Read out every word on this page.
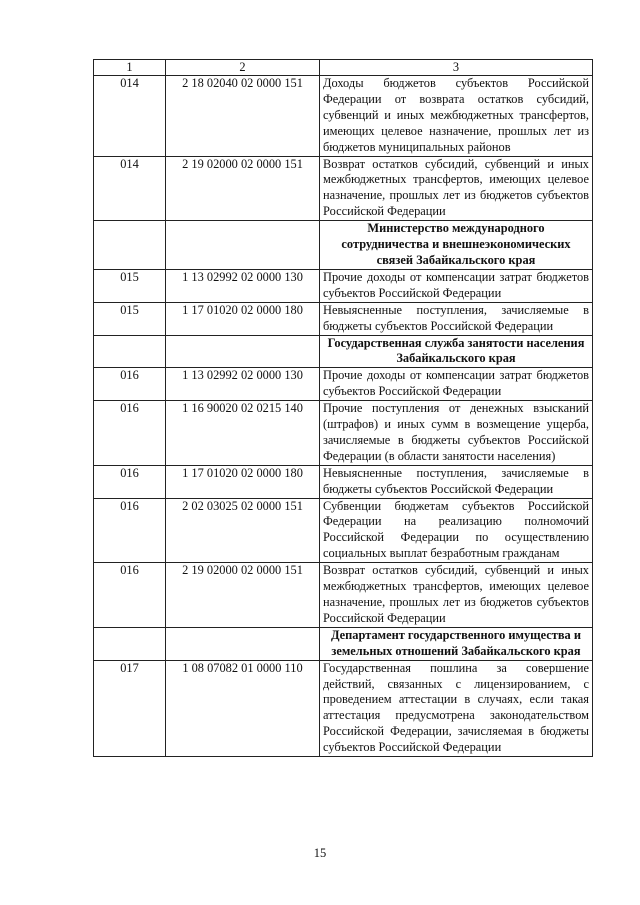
1	2	3
014	2 18 02040 02 0000 151	Доходы бюджетов субъектов Российской Федерации от возврата остатков субсидий, субвенций и иных межбюджетных трансфертов, имеющих целевое назначение, прошлых лет из бюджетов муниципальных районов
014	2 19 02000 02 0000 151	Возврат остатков субсидий, субвенций и иных межбюджетных трансфертов, имеющих целевое назначение, прошлых лет из бюджетов субъектов Российской Федерации
		Министерство международного сотрудничества и внешнеэкономических связей Забайкальского края
015	1 13 02992 02 0000 130	Прочие доходы от компенсации затрат бюджетов субъектов Российской Федерации
015	1 17 01020 02 0000 180	Невыясненные поступления, зачисляемые в бюджеты субъектов Российской Федерации
		Государственная служба занятости населения Забайкальского края
016	1 13 02992 02 0000 130	Прочие доходы от компенсации затрат бюджетов субъектов Российской Федерации
016	1 16 90020 02 0215 140	Прочие поступления от денежных взысканий (штрафов) и иных сумм в возмещение ущерба, зачисляемые в бюджеты субъектов Российской Федерации (в области занятости населения)
016	1 17 01020 02 0000 180	Невыясненные поступления, зачисляемые в бюджеты субъектов Российской Федерации
016	2 02 03025 02 0000 151	Субвенции бюджетам субъектов Российской Федерации на реализацию полномочий Российской Федерации по осуществлению социальных выплат безработным гражданам
016	2 19 02000 02 0000 151	Возврат остатков субсидий, субвенций и иных межбюджетных трансфертов, имеющих целевое назначение, прошлых лет из бюджетов субъектов Российской Федерации
		Департамент государственного имущества и земельных отношений Забайкальского края
017	1 08 07082 01 0000 110	Государственная пошлина за совершение действий, связанных с лицензированием, с проведением аттестации в случаях, если такая аттестация предусмотрена законодательством Российской Федерации, зачисляемая в бюджеты субъектов Российской Федерации
15
